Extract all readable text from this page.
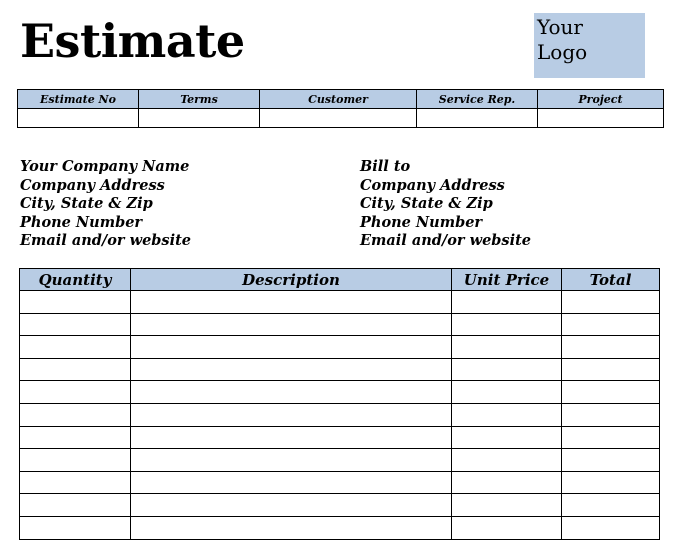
Estimate	Your
Logo
Estimate No	Terms	Customer	Service Rep.	Project

Your Company Name
Company Address
City, State & Zip
Phone Number
Email and/or website
Bill to
Company Address
City, State & Zip
Phone Number
Email and/or website
Quantity	Description	Unit Price	Total
